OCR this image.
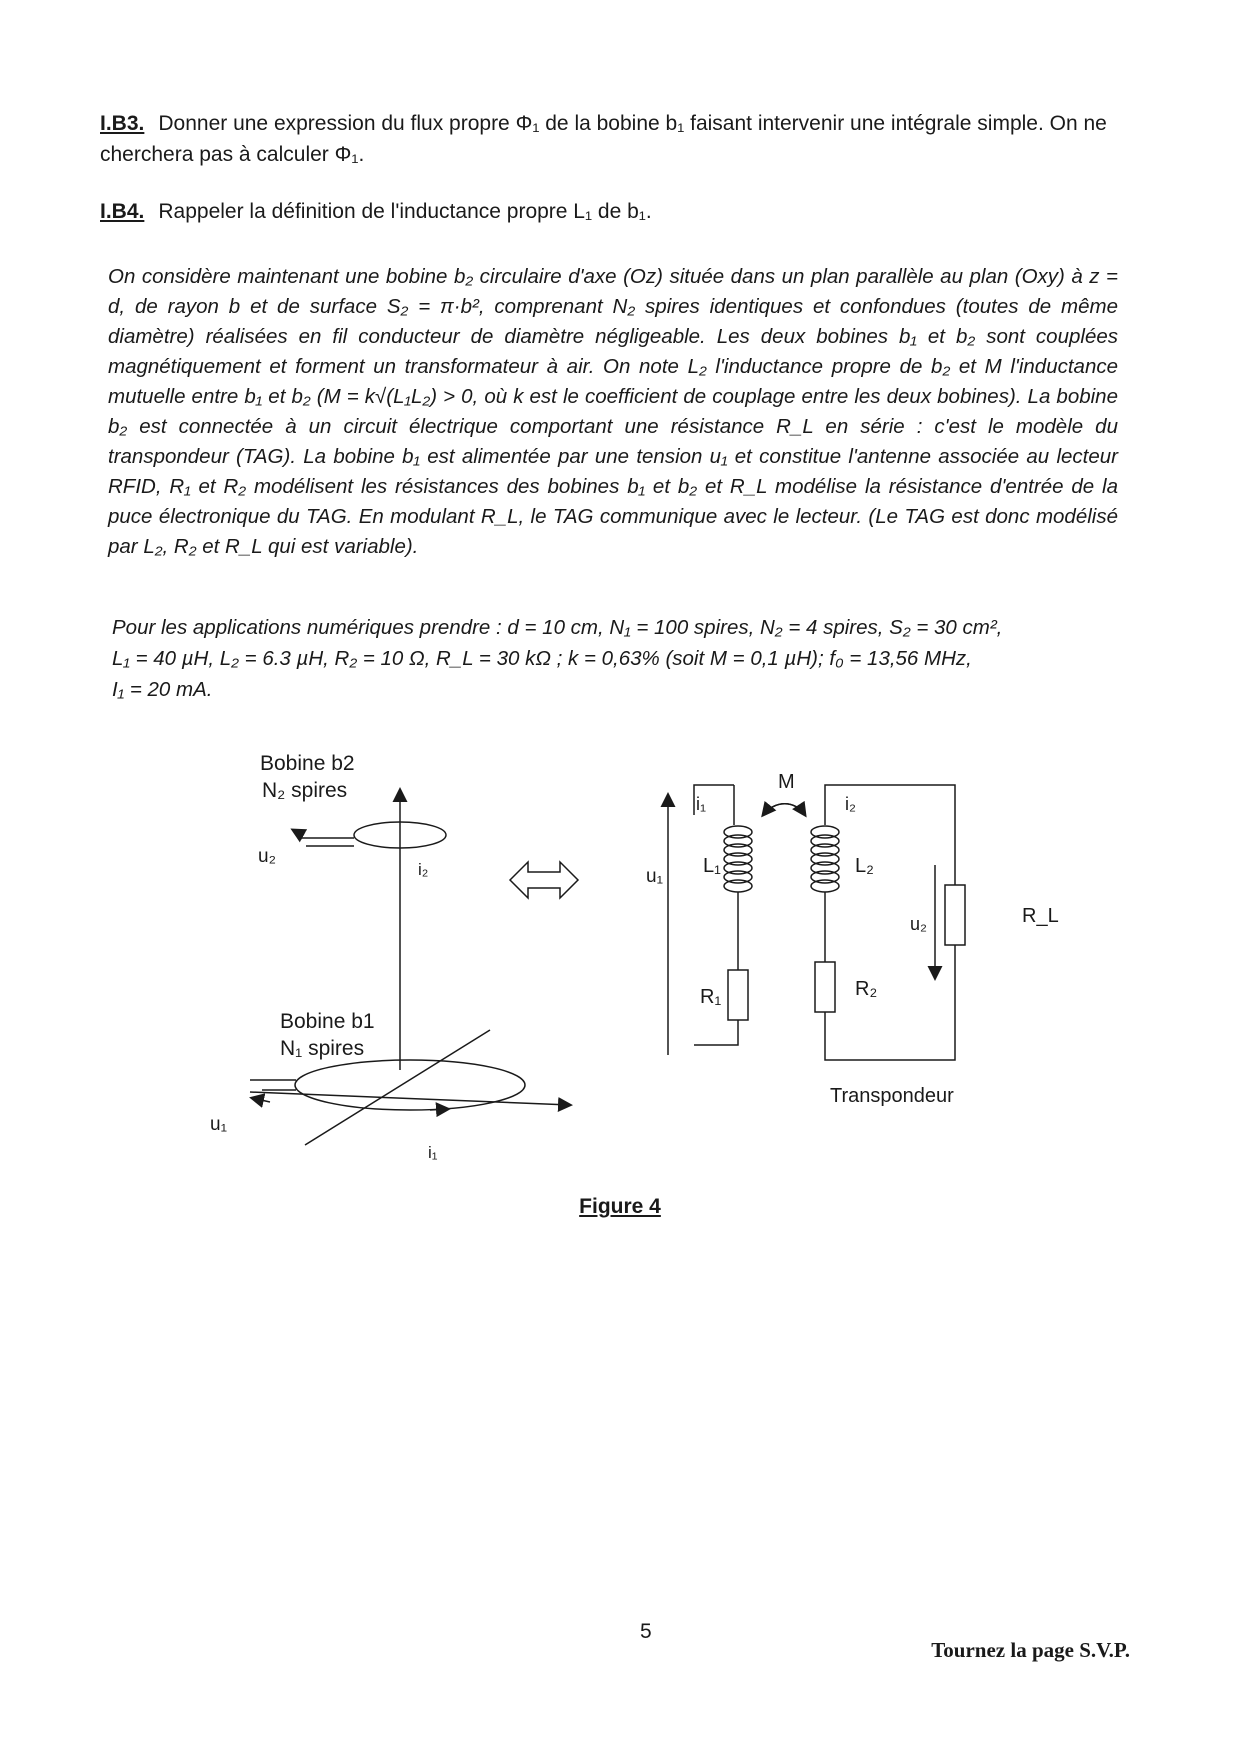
I.B3. Donner une expression du flux propre Φ₁ de la bobine b₁ faisant intervenir une intégrale simple. On ne cherchera pas à calculer Φ₁.
I.B4. Rappeler la définition de l'inductance propre L₁ de b₁.
On considère maintenant une bobine b₂ circulaire d'axe (Oz) située dans un plan parallèle au plan (Oxy) à z = d, de rayon b et de surface S₂ = π·b², comprenant N₂ spires identiques et confondues (toutes de même diamètre) réalisées en fil conducteur de diamètre négligeable. Les deux bobines b₁ et b₂ sont couplées magnétiquement et forment un transformateur à air. On note L₂ l'inductance propre de b₂ et M l'inductance mutuelle entre b₁ et b₂ (M = k√(L₁L₂) > 0, où k est le coefficient de couplage entre les deux bobines). La bobine b₂ est connectée à un circuit électrique comportant une résistance R_L en série : c'est le modèle du transpondeur (TAG). La bobine b₁ est alimentée par une tension u₁ et constitue l'antenne associée au lecteur RFID, R₁ et R₂ modélisent les résistances des bobines b₁ et b₂ et R_L modélise la résistance d'entrée de la puce électronique du TAG. En modulant R_L, le TAG communique avec le lecteur. (Le TAG est donc modélisé par L₂, R₂ et R_L qui est variable).
Pour les applications numériques prendre : d = 10 cm, N₁ = 100 spires, N₂ = 4 spires, S₂ = 30 cm²,
L₁ = 40 µH, L₂ = 6.3 µH, R₂ = 10 Ω, R_L = 30 kΩ ; k = 0,63% (soit M = 0,1 µH); f₀ = 13,56 MHz,
I₁ = 20 mA.
Bobine b2
N₂ spires
u₂
i₂
Bobine b1
N₁ spires
u₁
i₁
u₁
i₁
M
i₂
L₁	L₂
u₂	R_L
R₁	R₂
Transpondeur
Figure 4
5
Tournez la page S.V.P.
